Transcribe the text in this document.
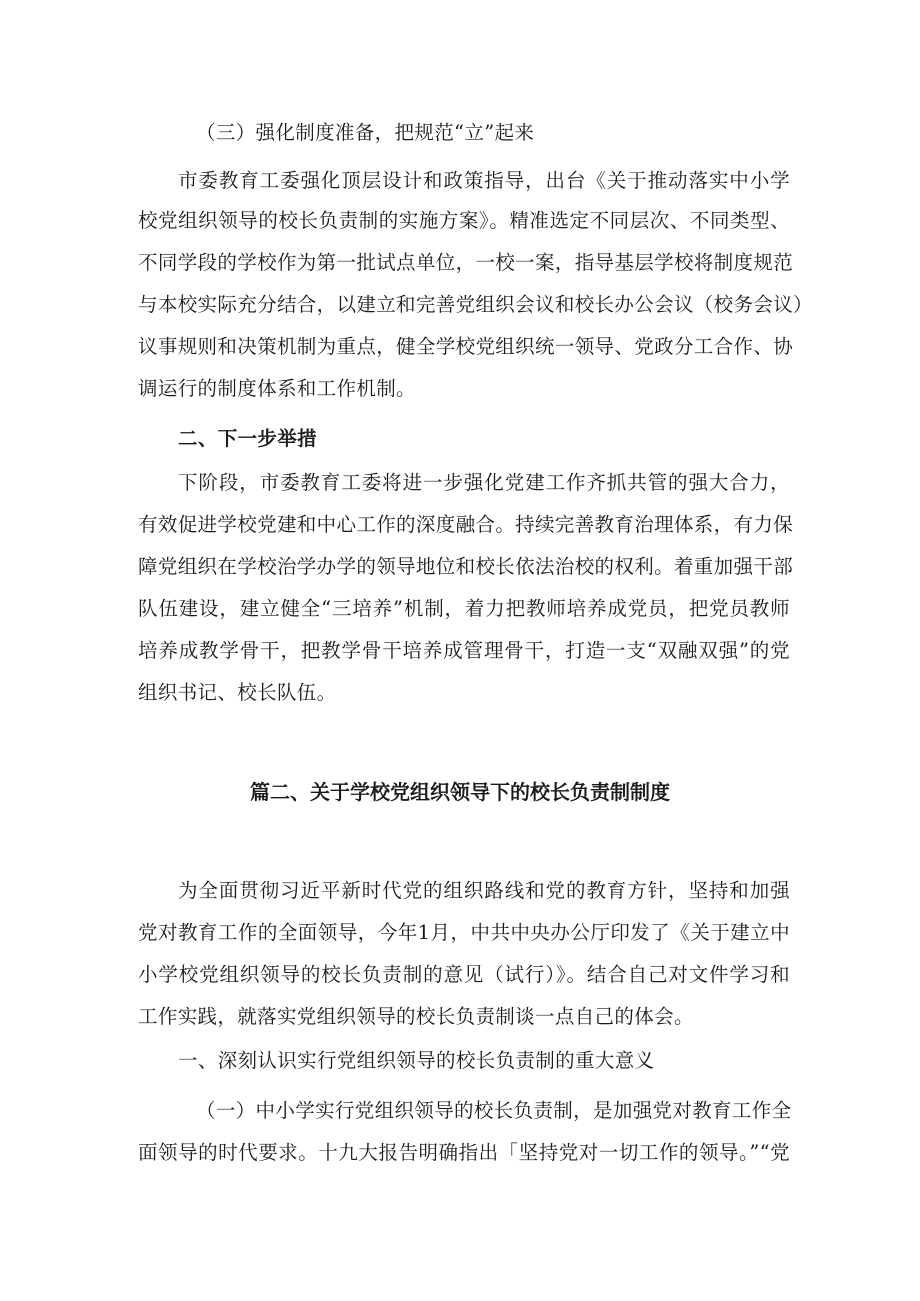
（三）强化制度准备，把规范“立”起来
市委教育工委强化顶层设计和政策指导，出台《关于推动落实中小学
校党组织领导的校长负责制的实施方案》。精准选定不同层次、不同类型、
不同学段的学校作为第一批试点单位，一校一案，指导基层学校将制度规范
与本校实际充分结合，以建立和完善党组织会议和校长办公会议（校务会议）
议事规则和决策机制为重点，健全学校党组织统一领导、党政分工合作、协
调运行的制度体系和工作机制。
二、下一步举措
下阶段，市委教育工委将进一步强化党建工作齐抓共管的强大合力，
有效促进学校党建和中心工作的深度融合。持续完善教育治理体系，有力保
障党组织在学校治学办学的领导地位和校长依法治校的权利。着重加强干部
队伍建设，建立健全“三培养”机制，着力把教师培养成党员，把党员教师
培养成教学骨干，把教学骨干培养成管理骨干，打造一支“双融双强”的党
组织书记、校长队伍。
篇二、关于学校党组织领导下的校长负责制制度
为全面贯彻习近平新时代党的组织路线和党的教育方针，坚持和加强
党对教育工作的全面领导，今年1月，中共中央办公厅印发了《关于建立中
小学校党组织领导的校长负责制的意见（试行）》。结合自己对文件学习和
工作实践，就落实党组织领导的校长负责制谈一点自己的体会。
一、深刻认识实行党组织领导的校长负责制的重大意义
（一）中小学实行党组织领导的校长负责制，是加强党对教育工作全
面领导的时代要求。十九大报告明确指出「坚持党对一切工作的领导。”“党
